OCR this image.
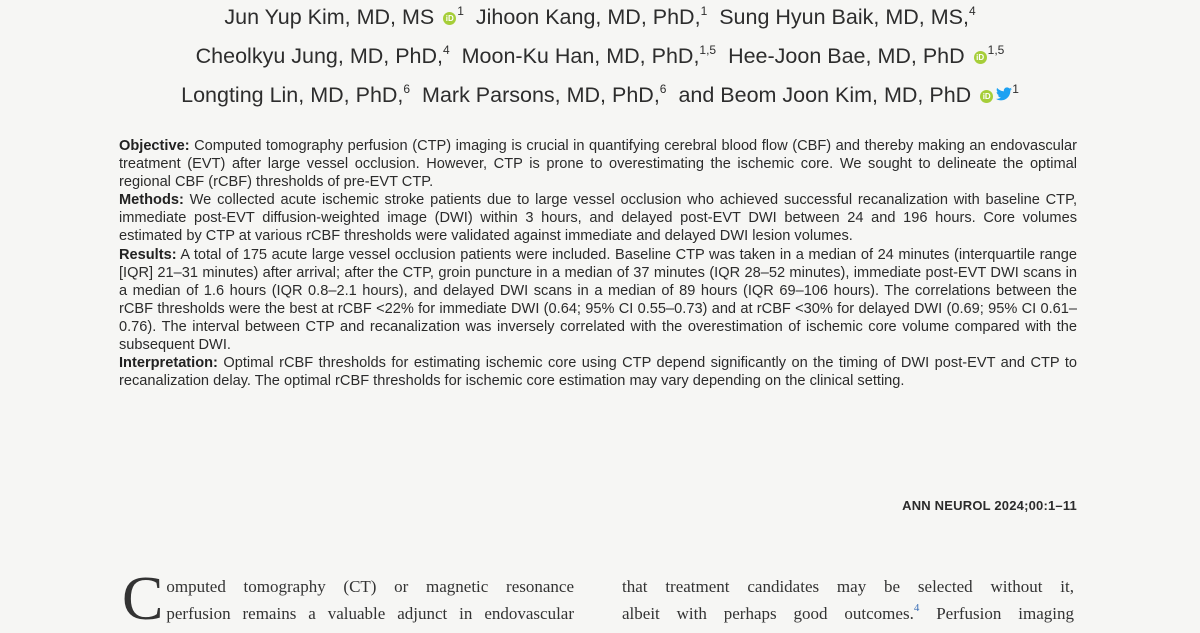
Jun Yup Kim, MD, MS $iD^1$ Jihoon Kang, MD, PhD,$^1$ Sung Hyun Baik, MD, MS,$^4$
Cheolkyu Jung, MD, PhD,$^4$ Moon-Ku Han, MD, PhD,$^{1,5}$ Hee-Joon Bae, MD, PhD iD$^{1,5}$
Longting Lin, MD, PhD,$^6$ Mark Parsons, MD, PhD,$^6$ and Beom Joon Kim, MD, PhD $iD^1$

Objective: Computed tomography perfusion (CTP) imaging is crucial in quantifying cerebral blood flow (CBF) and thereby making an endovascular treatment (EVT) after large vessel occlusion. However, CTP is prone to overestimating the ischemic core. We sought to delineate the optimal regional CBF (rCBF) thresholds of pre-EVT CTP.

Methods: We collected acute ischemic stroke patients due to large vessel occlusion who achieved successful recanalization with baseline CTP, immediate post-EVT diffusion-weighted image (DWI) within 3 hours, and delayed post-EVT DWI between 24 and 196 hours. Core volumes estimated by CTP at various rCBF thresholds were validated against immediate and delayed DWI lesion volumes.

Results: A total of 175 acute large vessel occlusion patients were included. Baseline CTP was taken in a median of 24 minutes (interquartile range [IQR] 21–31 minutes) after arrival; after the CTP, groin puncture in a median of 37 minutes (IQR 28–52 minutes), immediate post-EVT DWI scans in a median of 1.6 hours (IQR 0.8–2.1 hours), and delayed DWI scans in a median of 89 hours (IQR 69–106 hours). The correlations between the rCBF thresholds were the best at rCBF <22% for immediate DWI (0.64; 95% CI 0.55–0.73) and at rCBF <30% for delayed DWI (0.69; 95% CI 0.61–0.76). The interval between CTP and recanalization was inversely correlated with the overestimation of ischemic core volume compared with the subsequent DWI.

Interpretation: Optimal rCBF thresholds for estimating ischemic core using CTP depend significantly on the timing of DWI post-EVT and CTP to recanalization delay. The optimal rCBF thresholds for ischemic core estimation may vary depending on the clinical setting.

ANN NEUROL 2024;00:1–11
C omputed tomography (CT) or magnetic resonance
perfusion remains a valuable adjunct in endovascular
that treatment candidates may be selected without it,
albeit with perhaps good outcomes.$^4$ Perfusion imaging
